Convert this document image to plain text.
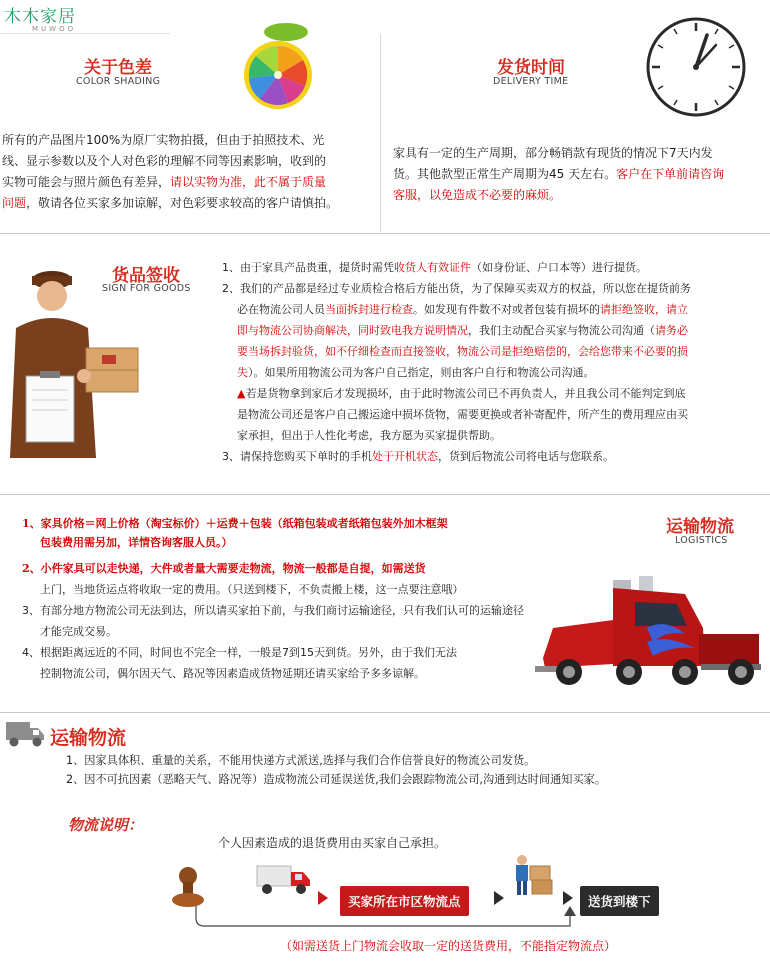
木木家居
MUWOO
关于色差
COLOR SHADING
所有的产品图片100%为原厂实物拍摄，但由于拍照技术、光
线、显示参数以及个人对色彩的理解不同等因素影响，收到的
实物可能会与照片颜色有差异，请以实物为准，此不属于质量
问题，敬请各位买家多加谅解，对色彩要求较高的客户请慎拍。
发货时间
DELIVERY TIME
家具有一定的生产周期，部分畅销款有现货的情况下7天内发
货。其他款型正常生产周期为45 天左右。客户在下单前请咨询
客服，以免造成不必要的麻烦。
货品签收
SIGN FOR GOODS
1、由于家具产品贵重，提货时需凭收货人有效证件（如身份证、户口本等）进行提货。
2、我们的产品都是经过专业质检合格后方能出货，为了保障买卖双方的权益，所以您在提货前务
必在物流公司人员当面拆封进行检查。如发现有件数不对或者包装有损坏的请拒绝签收，请立
即与物流公司协商解决，同时致电我方说明情况，我们主动配合买家与物流公司沟通（请务必
要当场拆封验货，如不仔细检查而直接签收，物流公司是拒绝赔偿的，会给您带来不必要的损
失）。如果所用物流公司为客户自己指定，则由客户自行和物流公司沟通。
▲若是货物拿到家后才发现损坏，由于此时物流公司已不再负责人，并且我公司不能判定到底
是物流公司还是客户自己搬运途中损坏货物，需要更换或者补寄配件，所产生的费用理应由买
家承担，但出于人性化考虑，我方愿为买家提供帮助。
3、请保持您购买下单时的手机处于开机状态，货到后物流公司将电话与您联系。
运输物流
LOGISTICS
1、家具价格＝网上价格（淘宝标价）＋运费＋包装（纸箱包装或者纸箱包装外加木框架
包装费用需另加，详情咨询客服人员。）
2、小件家具可以走快递，大件或者量大需要走物流，物流一般都是自提，如需送货
上门，当地货运点将收取一定的费用。（只送到楼下，不负责搬上楼，这一点要注意哦）
3、有部分地方物流公司无法到达，所以请买家拍下前，与我们商讨运输途径，只有我们认可的运输途径
才能完成交易。
4、根据距离远近的不同，时间也不完全一样，一般是7到15天到货。另外，由于我们无法
控制物流公司，偶尔因天气、路况等因素造成货物延期还请买家给予多多谅解。
运输物流
1、因家具体积、重量的关系，不能用快递方式派送,选择与我们合作信誉良好的物流公司发货。
2、因不可抗因素（恶略天气、路况等）造成物流公司延误送货,我们会跟踪物流公司,沟通到达时间通知买家。
物流说明：
个人因素造成的退货费用由买家自己承担。
买家所在市区物流点	送货到楼下
（如需送货上门物流会收取一定的送货费用，不能指定物流点）
